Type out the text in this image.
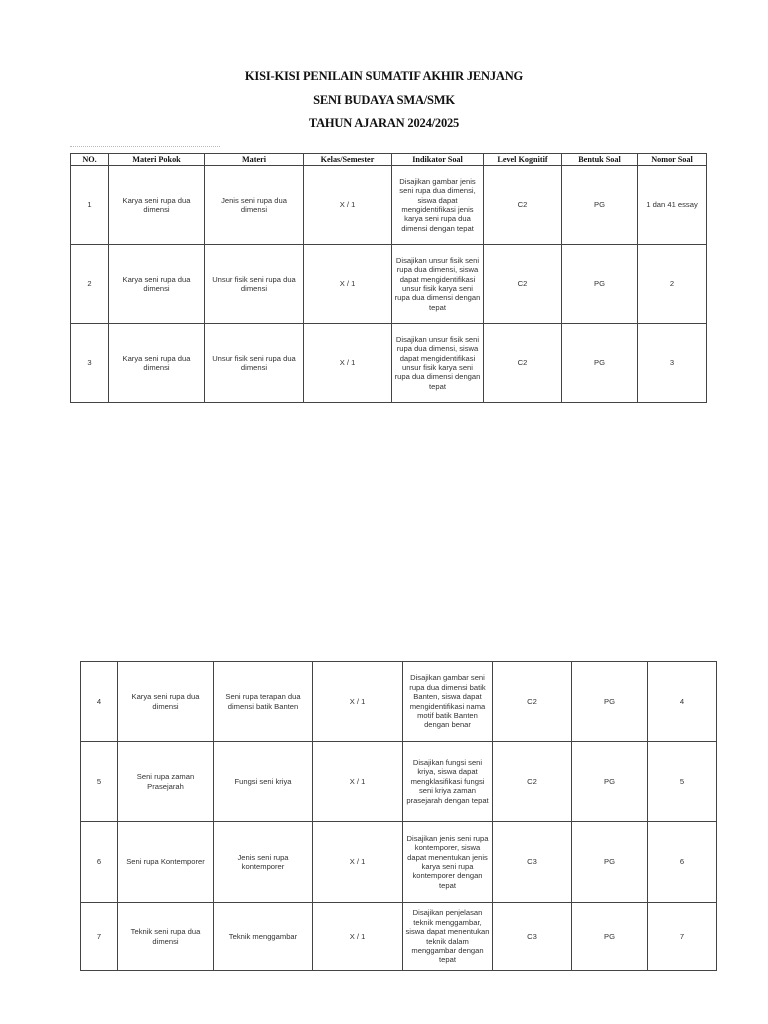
KISI-KISI PENILAIN SUMATIF AKHIR JENJANG
SENI BUDAYA SMA/SMK
TAHUN AJARAN 2024/2025
NO.	Materi Pokok	Materi	Kelas/Semester	Indikator Soal	Level Kognitif	Bentuk Soal	Nomor Soal
1	Karya seni rupa dua dimensi	Jenis seni rupa dua dimensi	X / 1	Disajikan gambar jenis seni rupa dua dimensi, siswa dapat mengidentifikasi jenis karya seni rupa dua dimensi dengan tepat	C2	PG	1 dan 41 essay
2	Karya seni rupa dua dimensi	Unsur fisik seni rupa dua dimensi	X / 1	Disajikan unsur fisik seni rupa dua dimensi, siswa dapat mengidentifikasi unsur fisik karya seni rupa dua dimensi dengan tepat	C2	PG	2
3	Karya seni rupa dua dimensi	Unsur fisik seni rupa dua dimensi	X / 1	Disajikan unsur fisik seni rupa dua dimensi, siswa dapat mengidentifikasi unsur fisik karya seni rupa dua dimensi dengan tepat	C2	PG	3
4	Karya seni rupa dua dimensi	Seni rupa terapan dua dimensi batik Banten	X / 1	Disajikan gambar seni rupa dua dimensi batik Banten, siswa dapat mengidentifikasi nama motif batik Banten dengan benar	C2	PG	4
5	Seni rupa zaman Prasejarah	Fungsi seni kriya	X / 1	Disajikan fungsi seni kriya, siswa dapat mengklasifikasi fungsi seni kriya zaman prasejarah dengan tepat	C2	PG	5
6	Seni rupa Kontemporer	Jenis seni rupa kontemporer	X / 1	Disajikan jenis seni rupa kontemporer, siswa dapat menentukan jenis karya seni rupa kontemporer dengan tepat	C3	PG	6
7	Teknik seni rupa dua dimensi	Teknik menggambar	X / 1	Disajikan penjelasan teknik menggambar, siswa dapat menentukan teknik dalam menggambar dengan tepat	C3	PG	7
